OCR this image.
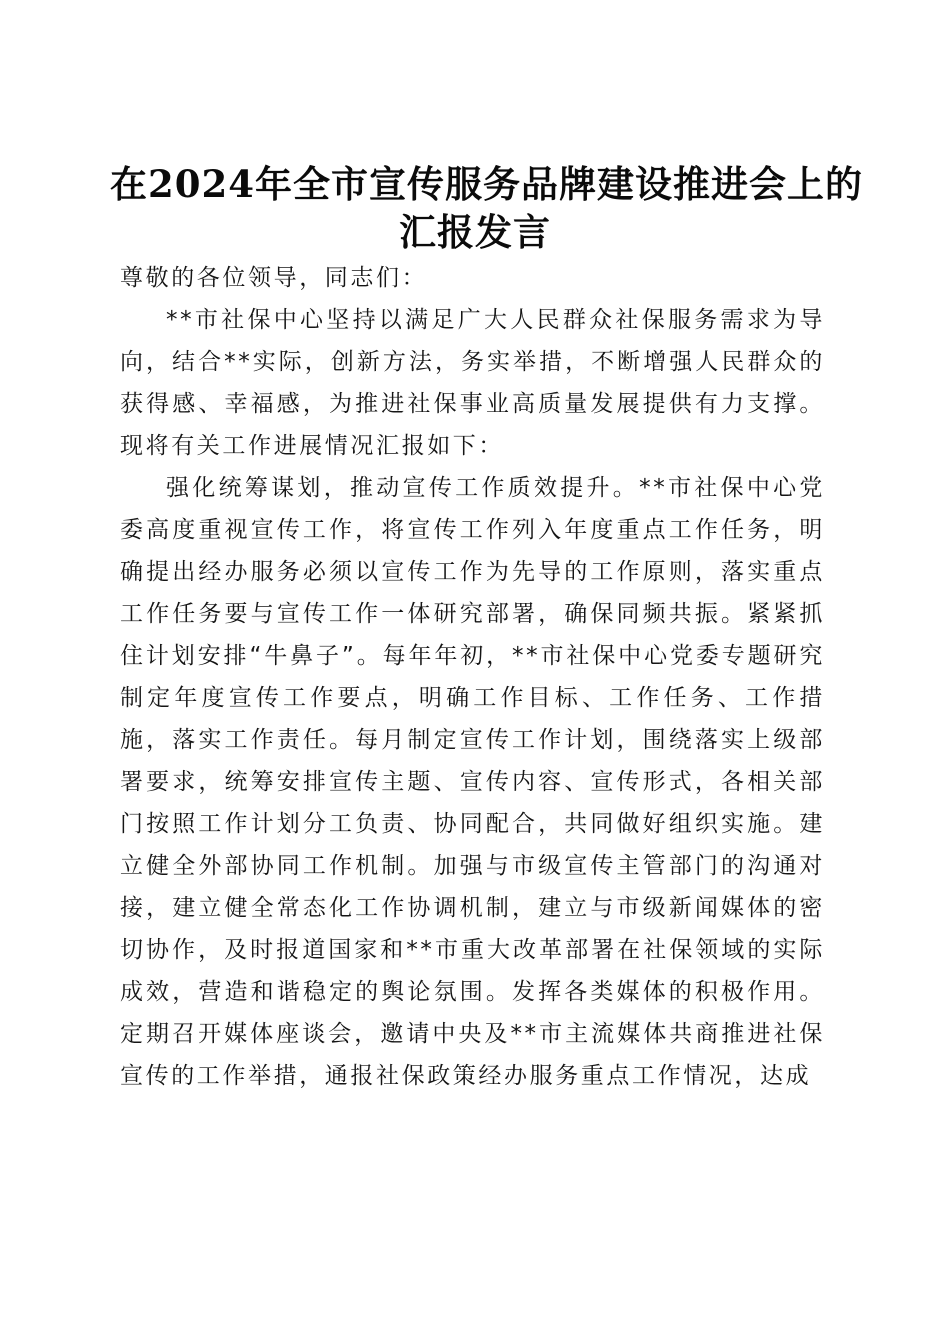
在2024年全市宣传服务品牌建设推进会上的
汇报发言

尊敬的各位领导，同志们：

**市社保中心坚持以满足广大人民群众社保服务需求为导向，结合**实际，创新方法，务实举措，不断增强人民群众的获得感、幸福感，为推进社保事业高质量发展提供有力支撑。现将有关工作进展情况汇报如下：

强化统筹谋划，推动宣传工作质效提升。**市社保中心党委高度重视宣传工作，将宣传工作列入年度重点工作任务，明确提出经办服务必须以宣传工作为先导的工作原则，落实重点工作任务要与宣传工作一体研究部署，确保同频共振。紧紧抓住计划安排“牛鼻子”。每年年初，**市社保中心党委专题研究制定年度宣传工作要点，明确工作目标、工作任务、工作措施，落实工作责任。每月制定宣传工作计划，围绕落实上级部署要求，统筹安排宣传主题、宣传内容、宣传形式，各相关部门按照工作计划分工负责、协同配合，共同做好组织实施。建立健全外部协同工作机制。加强与市级宣传主管部门的沟通对接，建立健全常态化工作协调机制，建立与市级新闻媒体的密切协作，及时报道国家和**市重大改革部署在社保领域的实际成效，营造和谐稳定的舆论氛围。发挥各类媒体的积极作用。定期召开媒体座谈会，邀请中央及**市主流媒体共商推进社保宣传的工作举措，通报社保政策经办服务重点工作情况，达成
